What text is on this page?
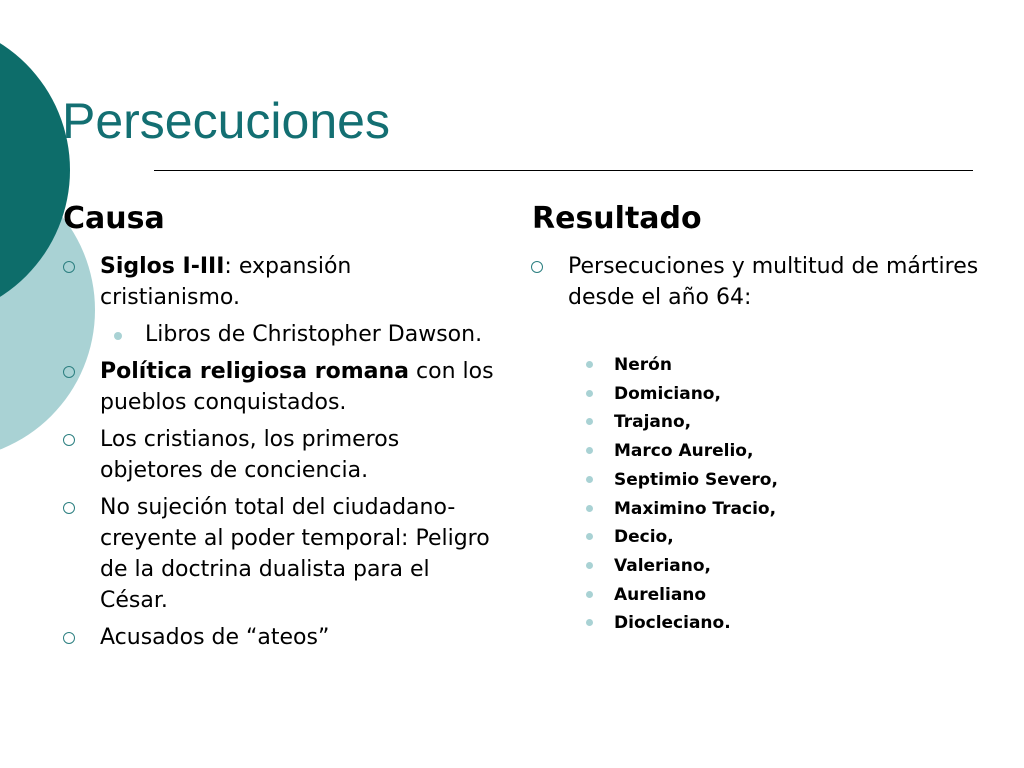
Persecuciones
Causa	Resultado
Siglos I-III: expansión cristianismo.
Libros de Christopher Dawson.
Política religiosa romana con los pueblos conquistados.
Los cristianos, los primeros objetores de conciencia.
No sujeción total del ciudadano-creyente al poder temporal: Peligro de la doctrina dualista para el César.
Acusados de “ateos”
Persecuciones y multitud de mártires desde el año 64:
Nerón
Domiciano,
Trajano,
Marco Aurelio,
Septimio Severo,
Maximino Tracio,
Decio,
Valeriano,
Aureliano
Diocleciano.
